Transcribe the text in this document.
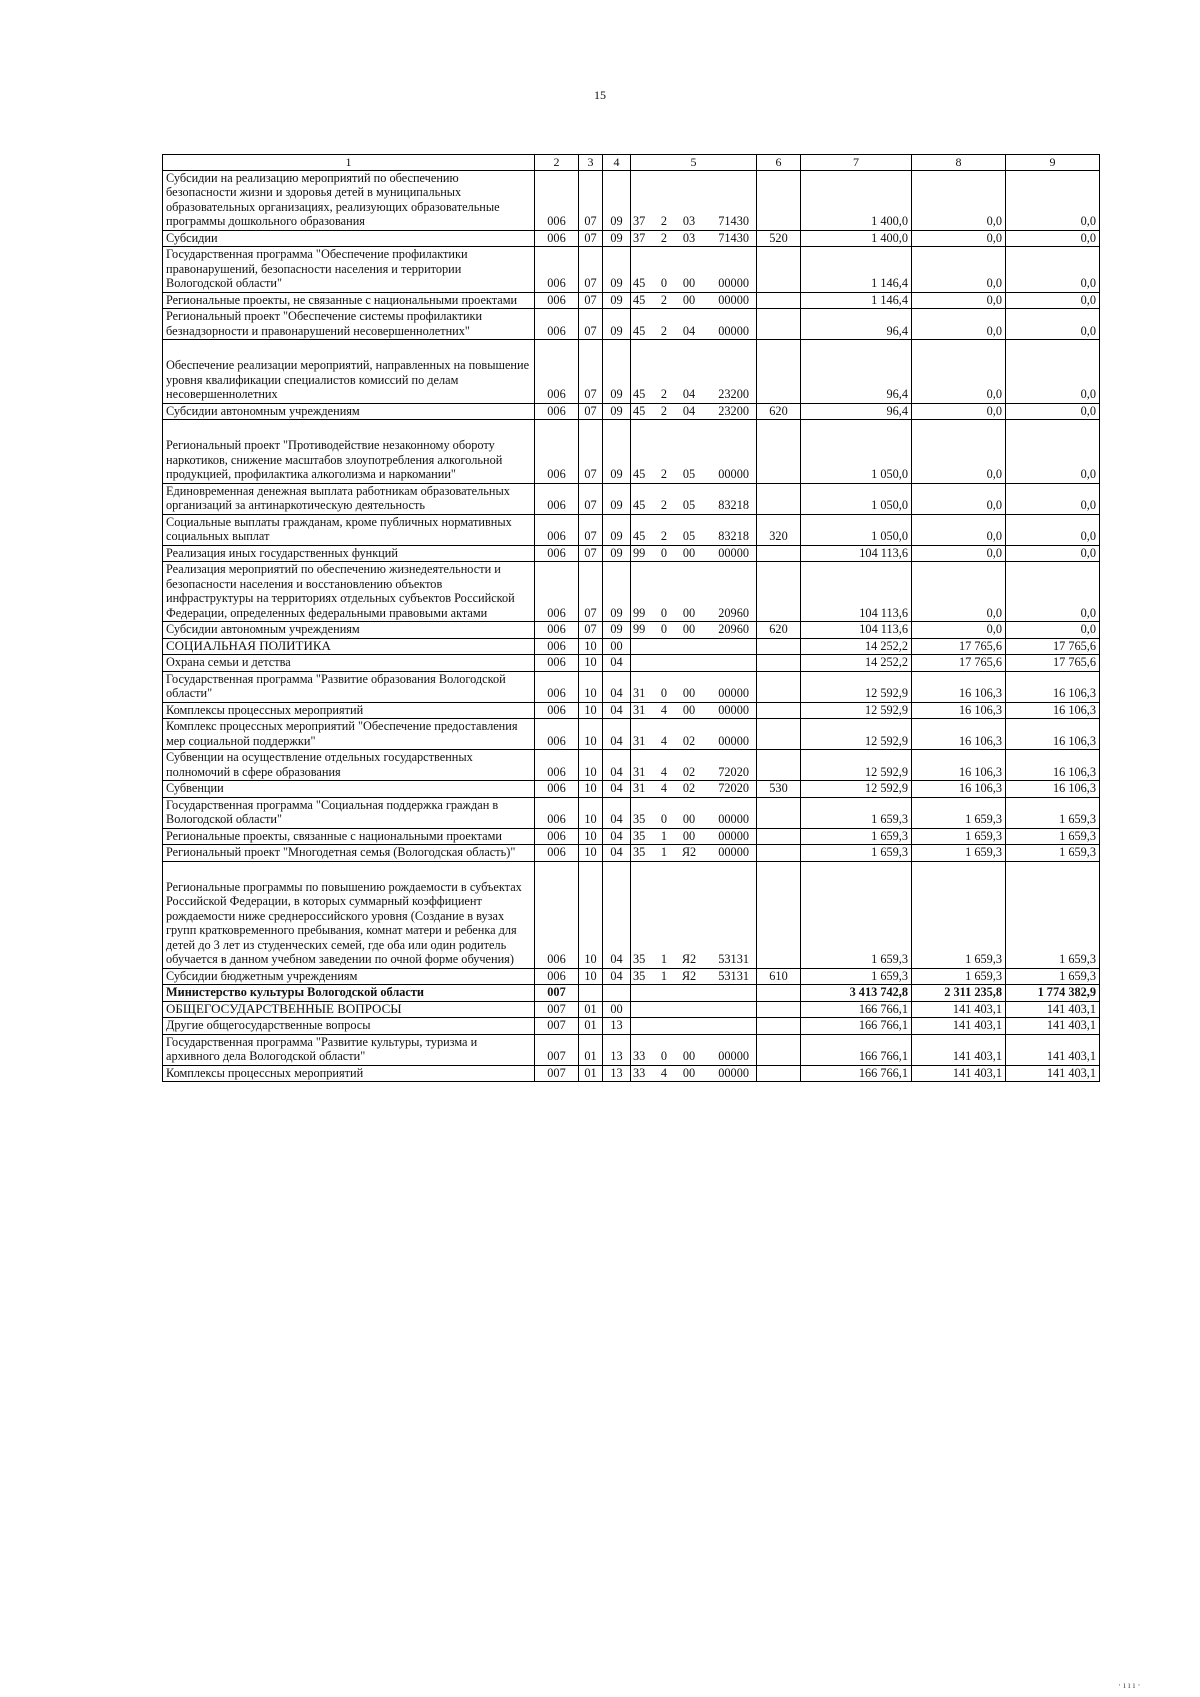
15
1	2	3	4	5	6	7	8	9
Субсидии на реализацию мероприятий по обеспечению безопасности жизни и здоровья детей в муниципальных образовательных организациях, реализующих образовательные программы дошкольного образования	006	07	09	37 2 03 71430		1 400,0	0,0	0,0
Субсидии	006	07	09	37 2 03 71430	520	1 400,0	0,0	0,0
Государственная программа "Обеспечение профилактики правонарушений, безопасности населения и территории Вологодской области"	006	07	09	45 0 00 00000		1 146,4	0,0	0,0
Региональные проекты, не связанные с национальными проектами	006	07	09	45 2 00 00000		1 146,4	0,0	0,0
Региональный проект "Обеспечение системы профилактики безнадзорности и правонарушений несовершеннолетних"	006	07	09	45 2 04 00000		96,4	0,0	0,0
Обеспечение реализации мероприятий, направленных на повышение уровня квалификации специалистов комиссий по делам несовершеннолетних	006	07	09	45 2 04 23200		96,4	0,0	0,0
Субсидии автономным учреждениям	006	07	09	45 2 04 23200	620	96,4	0,0	0,0
Региональный проект "Противодействие незаконному обороту наркотиков, снижение масштабов злоупотребления алкогольной продукцией, профилактика алкоголизма и наркомании"	006	07	09	45 2 05 00000		1 050,0	0,0	0,0
Единовременная денежная выплата работникам образовательных организаций за антинаркотическую деятельность	006	07	09	45 2 05 83218		1 050,0	0,0	0,0
Социальные выплаты гражданам, кроме публичных нормативных социальных выплат	006	07	09	45 2 05 83218	320	1 050,0	0,0	0,0
Реализация иных государственных функций	006	07	09	99 0 00 00000		104 113,6	0,0	0,0
Реализация мероприятий по обеспечению жизнедеятельности и безопасности населения и восстановлению объектов инфраструктуры на территориях отдельных субъектов Российской Федерации, определенных федеральными правовыми актами	006	07	09	99 0 00 20960		104 113,6	0,0	0,0
Субсидии автономным учреждениям	006	07	09	99 0 00 20960	620	104 113,6	0,0	0,0
СОЦИАЛЬНАЯ ПОЛИТИКА	006	10	00			14 252,2	17 765,6	17 765,6
Охрана семьи и детства	006	10	04			14 252,2	17 765,6	17 765,6
Государственная программа "Развитие образования Вологодской области"	006	10	04	31 0 00 00000		12 592,9	16 106,3	16 106,3
Комплексы процессных мероприятий	006	10	04	31 4 00 00000		12 592,9	16 106,3	16 106,3
Комплекс процессных мероприятий "Обеспечение предоставления мер социальной поддержки"	006	10	04	31 4 02 00000		12 592,9	16 106,3	16 106,3
Субвенции на осуществление отдельных государственных полномочий в сфере образования	006	10	04	31 4 02 72020		12 592,9	16 106,3	16 106,3
Субвенции	006	10	04	31 4 02 72020	530	12 592,9	16 106,3	16 106,3
Государственная программа "Социальная поддержка граждан в Вологодской области"	006	10	04	35 0 00 00000		1 659,3	1 659,3	1 659,3
Региональные проекты, связанные с национальными проектами	006	10	04	35 1 00 00000		1 659,3	1 659,3	1 659,3
Региональный проект "Многодетная семья (Вологодская область)"	006	10	04	35 1 Я2 00000		1 659,3	1 659,3	1 659,3
Региональные программы по повышению рождаемости в субъектах Российской Федерации, в которых суммарный коэффициент рождаемости ниже среднероссийского уровня (Создание в вузах групп кратковременного пребывания, комнат матери и ребенка для детей до 3 лет из студенческих семей, где оба или один родитель обучается в данном учебном заведении по очной форме обучения)	006	10	04	35 1 Я2 53131		1 659,3	1 659,3	1 659,3
Субсидии бюджетным учреждениям	006	10	04	35 1 Я2 53131	610	1 659,3	1 659,3	1 659,3
Министерство культуры Вологодской области	007					3 413 742,8	2 311 235,8	1 774 382,9
ОБЩЕГОСУДАРСТВЕННЫЕ ВОПРОСЫ	007	01	00			166 766,1	141 403,1	141 403,1
Другие общегосударственные вопросы	007	01	13			166 766,1	141 403,1	141 403,1
Государственная программа "Развитие культуры, туризма и архивного дела Вологодской области"	007	01	13	33 0 00 00000		166 766,1	141 403,1	141 403,1
Комплексы процессных мероприятий	007	01	13	33 4 00 00000		166 766,1	141 403,1	141 403,1
· ı ı ı ·
